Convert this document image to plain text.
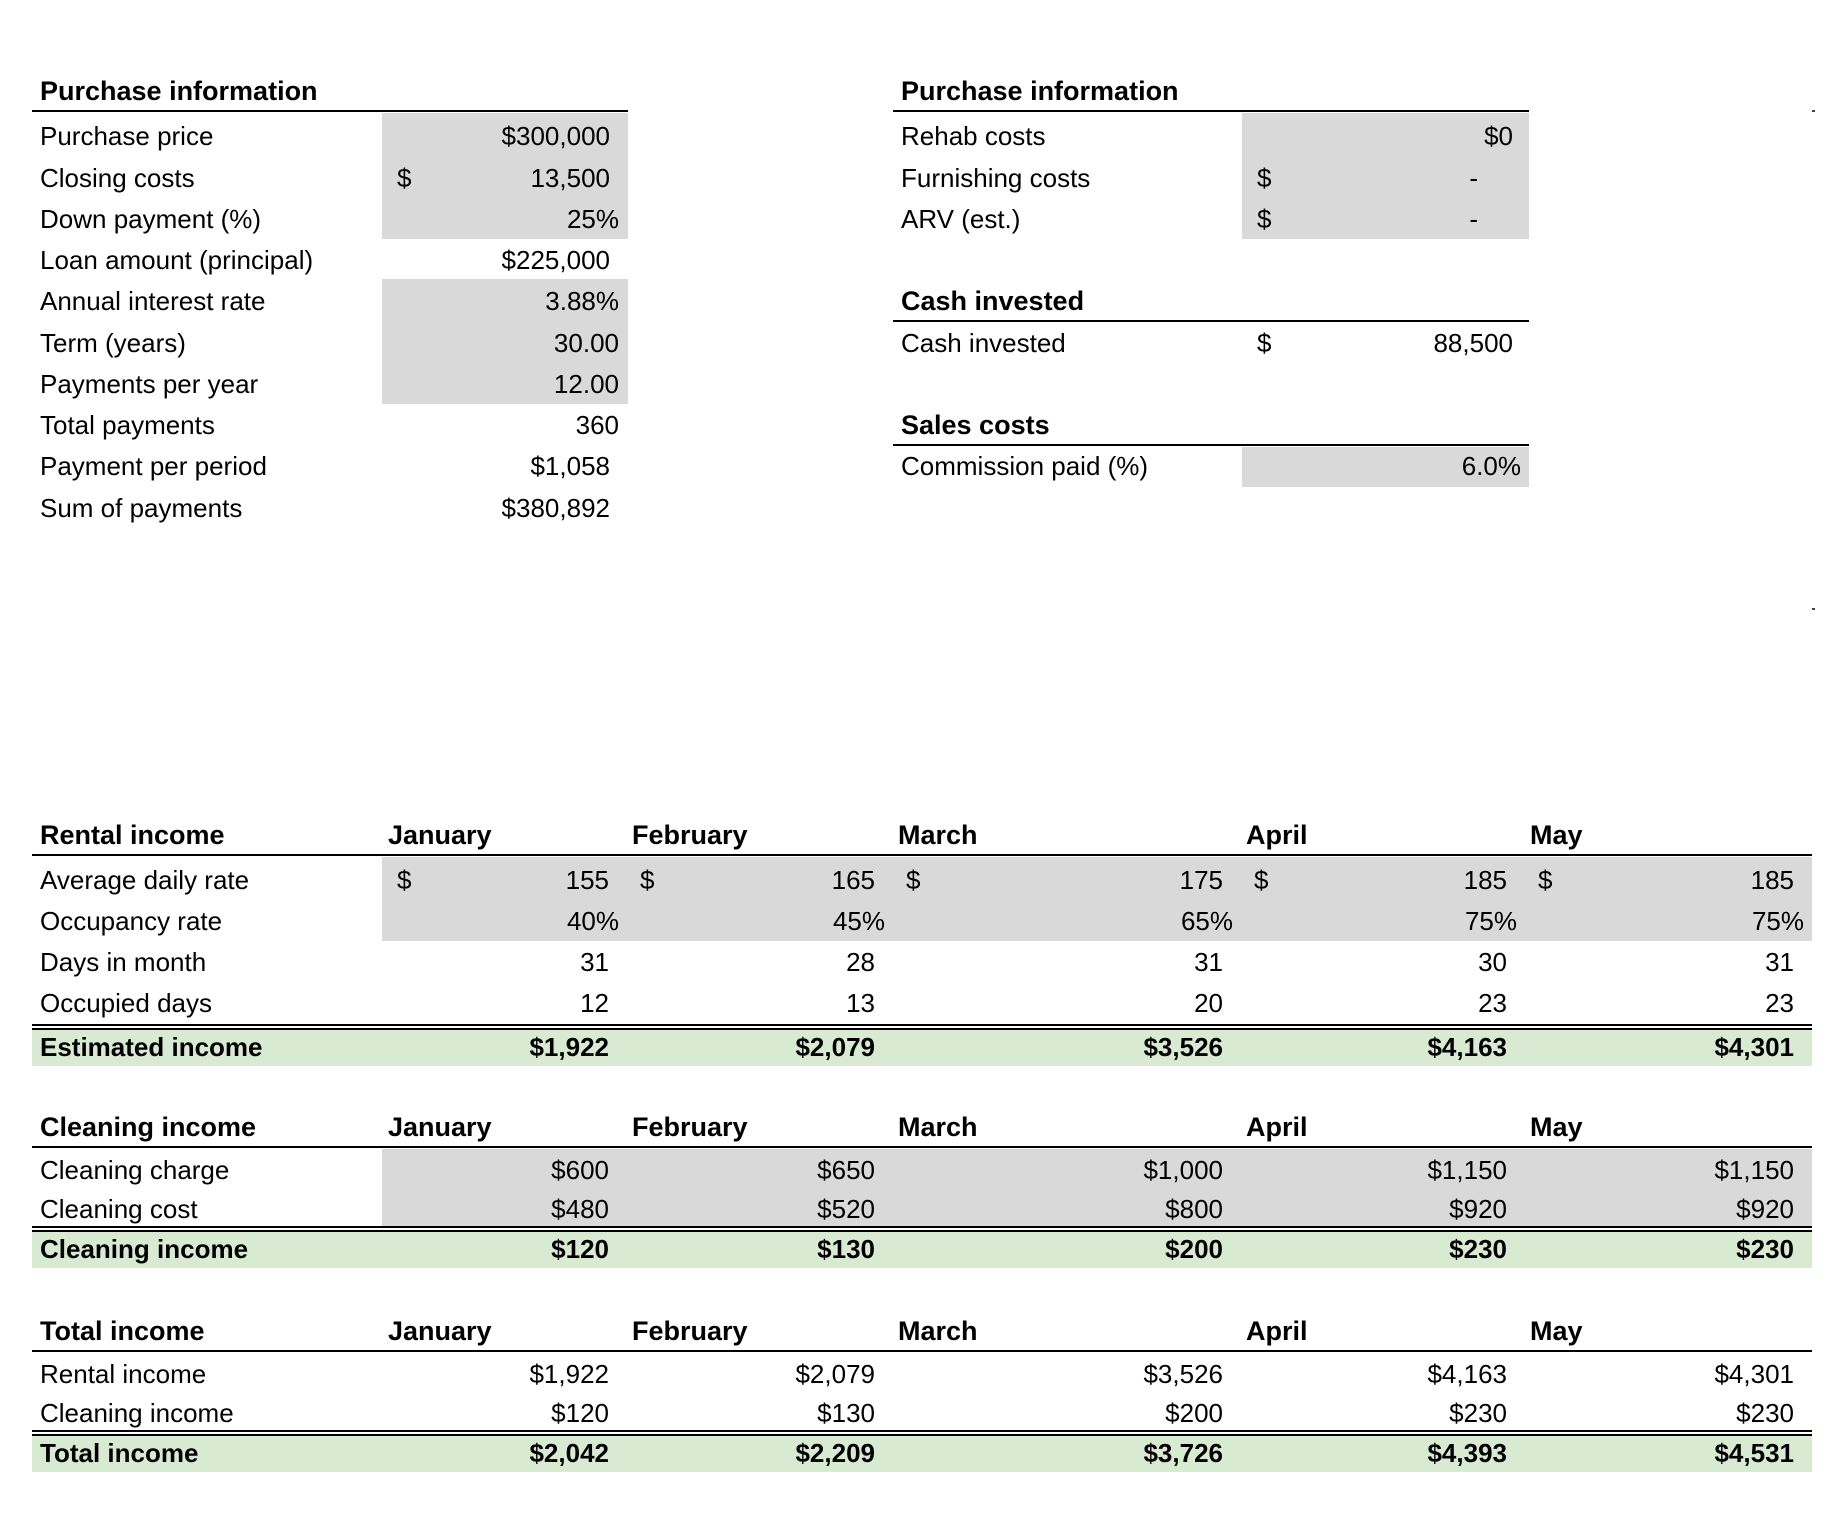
Purchase information
Purchase price	$300,000
Closing costs	$	13,500
Down payment (%)	25%
Loan amount (principal)	$225,000
Annual interest rate	3.88%
Term (years)	30.00
Payments per year	12.00
Total payments	360
Payment per period	$1,058
Sum of payments	$380,892
Purchase information
Rehab costs	$0
Furnishing costs	$	-
ARV (est.)	$	-
Cash invested
Cash invested	$	88,500
Sales costs
Commission paid (%)	6.0%
Rental income	January	February	March	April	May
Average daily rate	$	155 $	165 $	175 $	185 $	185
Occupancy rate	40%	45%	65%	75%	75%
Days in month	31	28	31	30	31
Occupied days	12	13	20	23	23
Estimated income	$1,922	$2,079	$3,526	$4,163	$4,301
Cleaning income	January	February	March	April	May
Cleaning charge	$600	$650	$1,000	$1,150	$1,150
Cleaning cost	$480	$520	$800	$920	$920
Cleaning income	$120	$130	$200	$230	$230
Total income	January	February	March	April	May
Rental income	$1,922	$2,079	$3,526	$4,163	$4,301
Cleaning income	$120	$130	$200	$230	$230
Total income	$2,042	$2,209	$3,726	$4,393	$4,531
